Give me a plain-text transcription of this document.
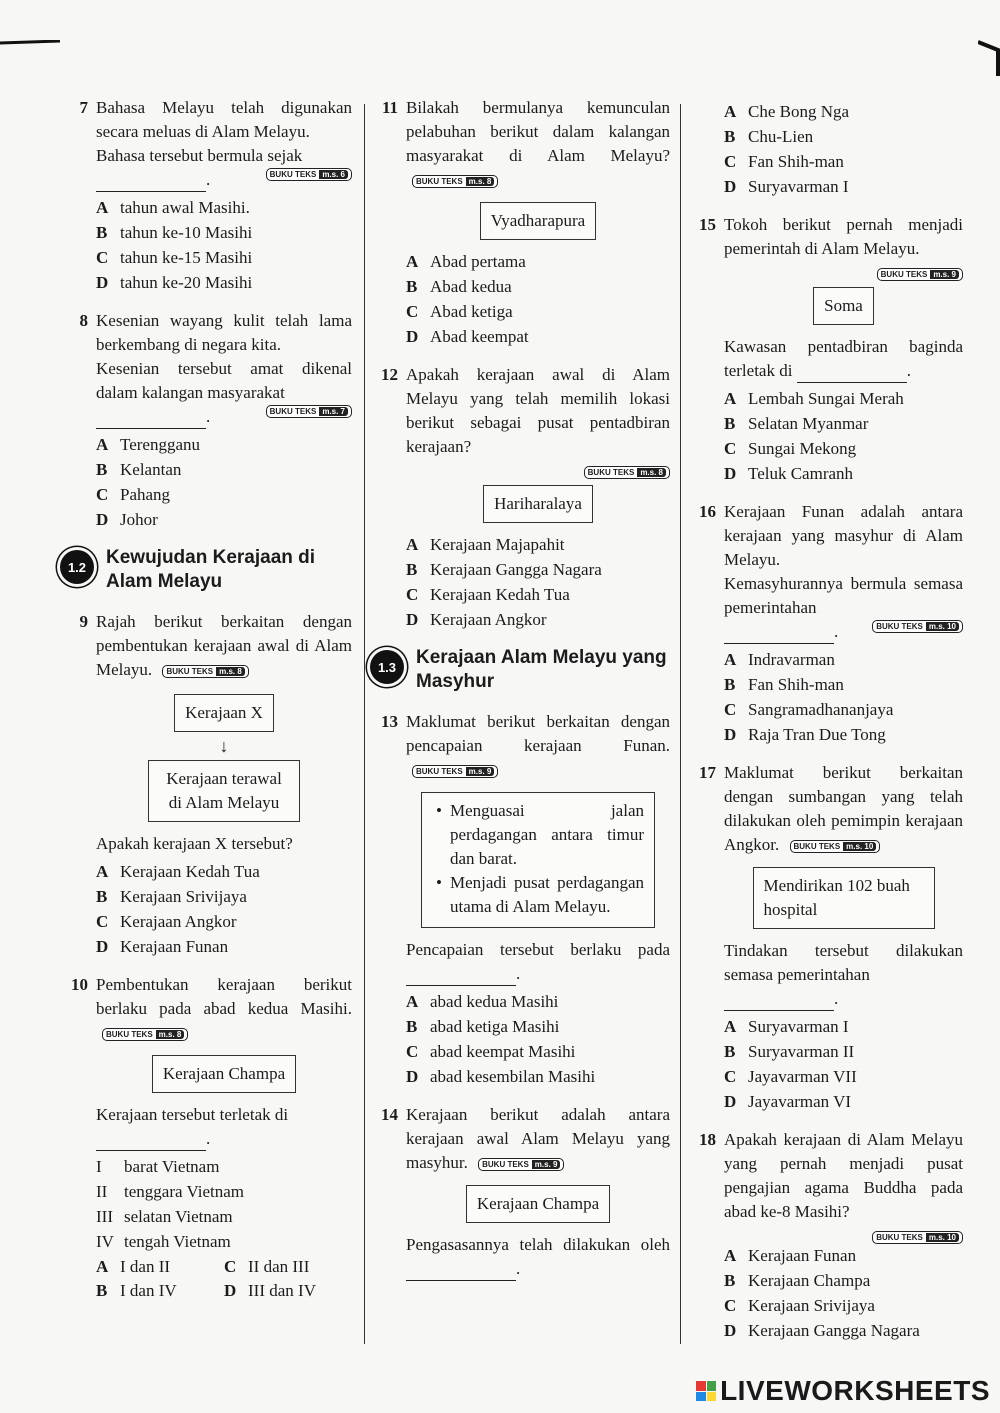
7 Bahasa Melayu telah digunakan secara meluas di Alam Melayu.
Bahasa tersebut bermula sejak
.	BUKU TEKS m.s. 6
A tahun awal Masihi.
B tahun ke-10 Masihi
C tahun ke-15 Masihi
D tahun ke-20 Masihi
8 Kesenian wayang kulit telah lama berkembang di negara kita.
Kesenian tersebut amat dikenal dalam kalangan masyarakat
.	BUKU TEKS m.s. 7
A Terengganu
B Kelantan
C Pahang
D Johor
1.2	Kewujudan Kerajaan di Alam Melayu
9 Rajah berikut berkaitan dengan pembentukan kerajaan awal di Alam Melayu. BUKU TEKS m.s. 8
Kerajaan X
↓
Kerajaan terawal di Alam Melayu
Apakah kerajaan X tersebut?
A Kerajaan Kedah Tua
B Kerajaan Srivijaya
C Kerajaan Angkor
D Kerajaan Funan
10 Pembentukan kerajaan berikut berlaku pada abad kedua Masihi. BUKU TEKS m.s. 8
Kerajaan Champa
Kerajaan tersebut terletak di
.
I	barat Vietnam
II tenggara Vietnam
III selatan Vietnam
IV tengah Vietnam
A I dan II	C II dan III
B I dan IV	D III dan IV
11 Bilakah bermulanya kemunculan pelabuhan berikut dalam kalangan masyarakat di Alam Melayu? BUKU TEKS m.s. 8
Vyadharapura
A Abad pertama
B Abad kedua
C Abad ketiga
D Abad keempat
12 Apakah kerajaan awal di Alam Melayu yang telah memilih lokasi berikut sebagai pusat pentadbiran kerajaan?
BUKU TEKS m.s. 8
Hariharalaya
A Kerajaan Majapahit
B Kerajaan Gangga Nagara
C Kerajaan Kedah Tua
D Kerajaan Angkor
1.3	Kerajaan Alam Melayu yang Masyhur
13 Maklumat berikut berkaitan dengan pencapaian kerajaan Funan. BUKU TEKS m.s. 9
• Menguasai jalan perdagangan antara timur dan barat.
• Menjadi pusat perdagangan utama di Alam Melayu.
Pencapaian tersebut berlaku pada .
A abad kedua Masihi
B abad ketiga Masihi
C abad keempat Masihi
D abad kesembilan Masihi
14 Kerajaan berikut adalah antara kerajaan awal Alam Melayu yang masyhur. BUKU TEKS m.s. 9
Kerajaan Champa
Pengasasannya telah dilakukan oleh .
A Che Bong Nga
B Chu-Lien
C Fan Shih-man
D Suryavarman I
15 Tokoh berikut pernah menjadi pemerintah di Alam Melayu.
BUKU TEKS m.s. 9
Soma
Kawasan pentadbiran baginda terletak di	.
A Lembah Sungai Merah
B Selatan Myanmar
C Sungai Mekong
D Teluk Camranh
16 Kerajaan Funan adalah antara kerajaan yang masyhur di Alam Melayu.
Kemasyhurannya bermula semasa pemerintahan
.	BUKU TEKS m.s. 10
A Indravarman
B Fan Shih-man
C Sangramadhananjaya
D Raja Tran Due Tong
17 Maklumat berikut berkaitan dengan sumbangan yang telah dilakukan oleh pemimpin kerajaan Angkor. BUKU TEKS m.s. 10
Mendirikan 102 buah hospital
Tindakan tersebut dilakukan semasa pemerintahan
.
A Suryavarman I
B Suryavarman II
C Jayavarman VII
D Jayavarman VI
18 Apakah kerajaan di Alam Melayu yang pernah menjadi pusat pengajian agama Buddha pada abad ke-8 Masihi?
BUKU TEKS m.s. 10
A Kerajaan Funan
B Kerajaan Champa
C Kerajaan Srivijaya
D Kerajaan Gangga Nagara
LIVEWORKSHEETS
